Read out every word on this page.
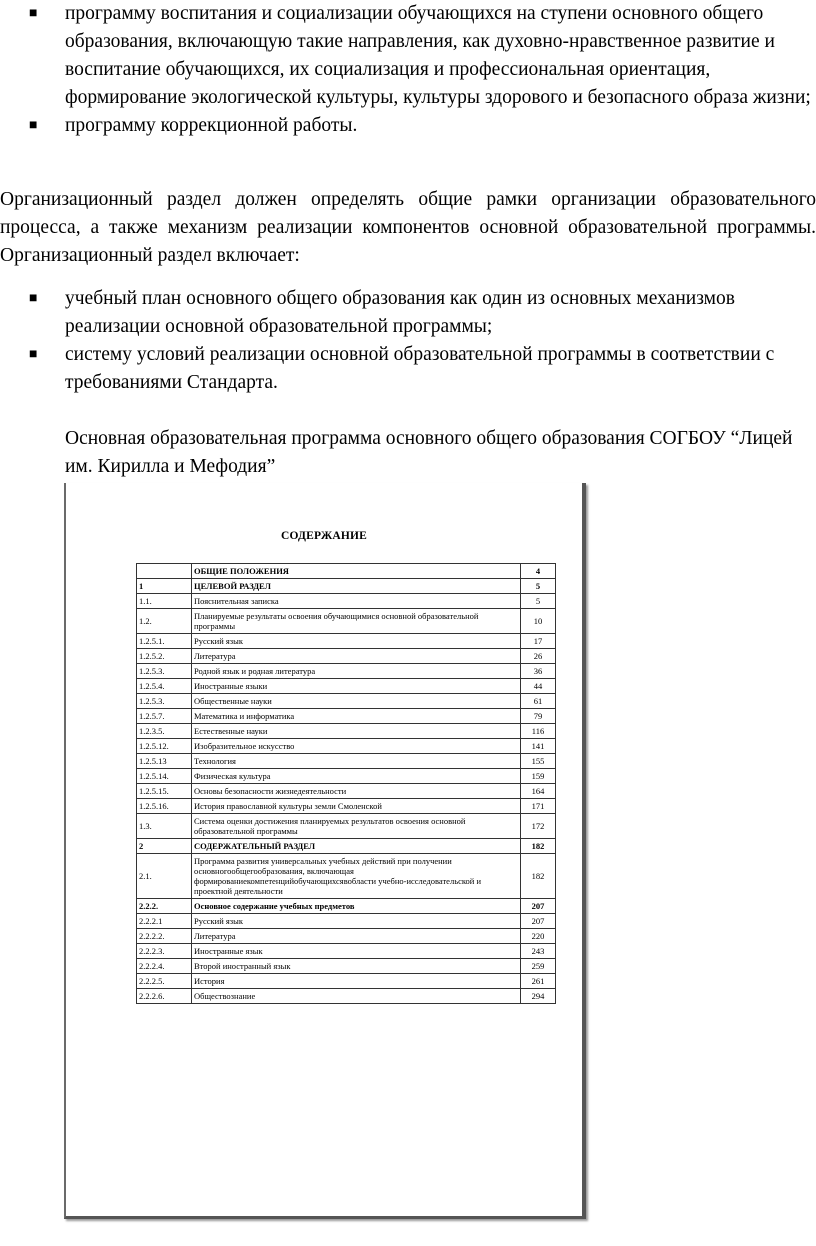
■ программу воспитания и социализации обучающихся на ступени основного общего образования, включающую такие направления, как духовно-нравственное развитие и воспитание обучающихся, их социализация и профессиональная ориентация, формирование экологической культуры, культуры здорового и безопасного образа жизни;
■ программу коррекционной работы.

Организационный раздел должен определять общие рамки организации образовательного процесса, а также механизм реализации компонентов основной образовательной программы. Организационный раздел включает:

■ учебный план основного общего образования как один из основных механизмов реализации основной образовательной программы;
■ систему условий реализации основной образовательной программы в соответствии с требованиями Стандарта.

Основная образовательная программа основного общего образования СОГБОУ “Лицей им. Кирилла и Мефодия”

СОДЕРЖАНИЕ
	ОБЩИЕ ПОЛОЖЕНИЯ	4
1	ЦЕЛЕВОЙ РАЗДЕЛ	5
1.1.	Пояснительная записка	5
1.2.	Планируемые результаты освоения обучающимися основной образовательной программы	10
1.2.5.1.	Русский язык	17
1.2.5.2.	Литература	26
1.2.5.3.	Родной язык и родная литература	36
1.2.5.4.	Иностранные языки	44
1.2.5.3.	Общественные науки	61
1.2.5.7.	Математика и информатика	79
1.2.3.5.	Естественные науки	116
1.2.5.12.	Изобразительное искусство	141
1.2.5.13	Технология	155
1.2.5.14.	Физическая культура	159
1.2.5.15.	Основы безопасности жизнедеятельности	164
1.2.5.16.	История православной культуры земли Смоленской	171
1.3.	Система оценки достижения планируемых результатов освоения основной образовательной программы	172
2	СОДЕРЖАТЕЛЬНЫЙ РАЗДЕЛ	182
2.1.	Программа развития универсальных учебных действий при получении основногообщегообразования, включающая формированиекомпетенцийобучающихсявобласти учебно-исследовательской и проектной деятельности	182
2.2.2.	Основное содержание учебных предметов	207
2.2.2.1	Русский язык	207
2.2.2.2.	Литература	220
2.2.2.3.	Иностранные язык	243
2.2.2.4.	Второй иностранный язык	259
2.2.2.5.	История	261
2.2.2.6.	Обществознание	294
